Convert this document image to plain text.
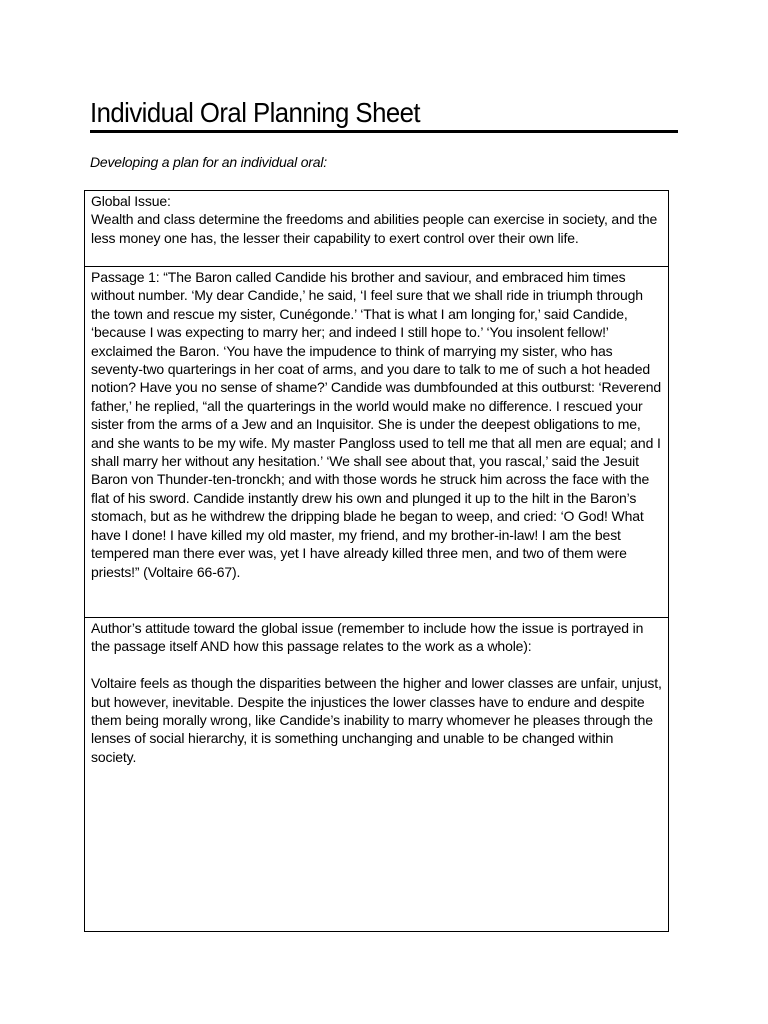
Individual Oral Planning Sheet

Developing a plan for an individual oral:

Global Issue:

Wealth and class determine the freedoms and abilities people can exercise in society, and the less money one has, the lesser their capability to exert control over their own life.

Passage 1: “The Baron called Candide his brother and saviour, and embraced him times without number. ‘My dear Candide,’ he said, ‘I feel sure that we shall ride in triumph through the town and rescue my sister, Cunégonde.’ ‘That is what I am longing for,’ said Candide, ‘because I was expecting to marry her; and indeed I still hope to.’ ‘You insolent fellow!’ exclaimed the Baron. ‘You have the impudence to think of marrying my sister, who has seventy-two quarterings in her coat of arms, and you dare to talk to me of such a hot headed notion? Have you no sense of shame?’ Candide was dumbfounded at this outburst: ‘Reverend father,’ he replied, “all the quarterings in the world would make no difference. I rescued your sister from the arms of a Jew and an Inquisitor. She is under the deepest obligations to me, and she wants to be my wife. My master Pangloss used to tell me that all men are equal; and I shall marry her without any hesitation.’ ‘We shall see about that, you rascal,’ said the Jesuit Baron von Thunder-ten-tronckh; and with those words he struck him across the face with the flat of his sword. Candide instantly drew his own and plunged it up to the hilt in the Baron’s stomach, but as he withdrew the dripping blade he began to weep, and cried: ‘O God! What have I done! I have killed my old master, my friend, and my brother-in-law! I am the best tempered man there ever was, yet I have already killed three men, and two of them were priests!” (Voltaire 66-67).

Author’s attitude toward the global issue (remember to include how the issue is portrayed in the passage itself AND how this passage relates to the work as a whole):

Voltaire feels as though the disparities between the higher and lower classes are unfair, unjust, but however, inevitable. Despite the injustices the lower classes have to endure and despite them being morally wrong, like Candide’s inability to marry whomever he pleases through the lenses of social hierarchy, it is something unchanging and unable to be changed within society.
